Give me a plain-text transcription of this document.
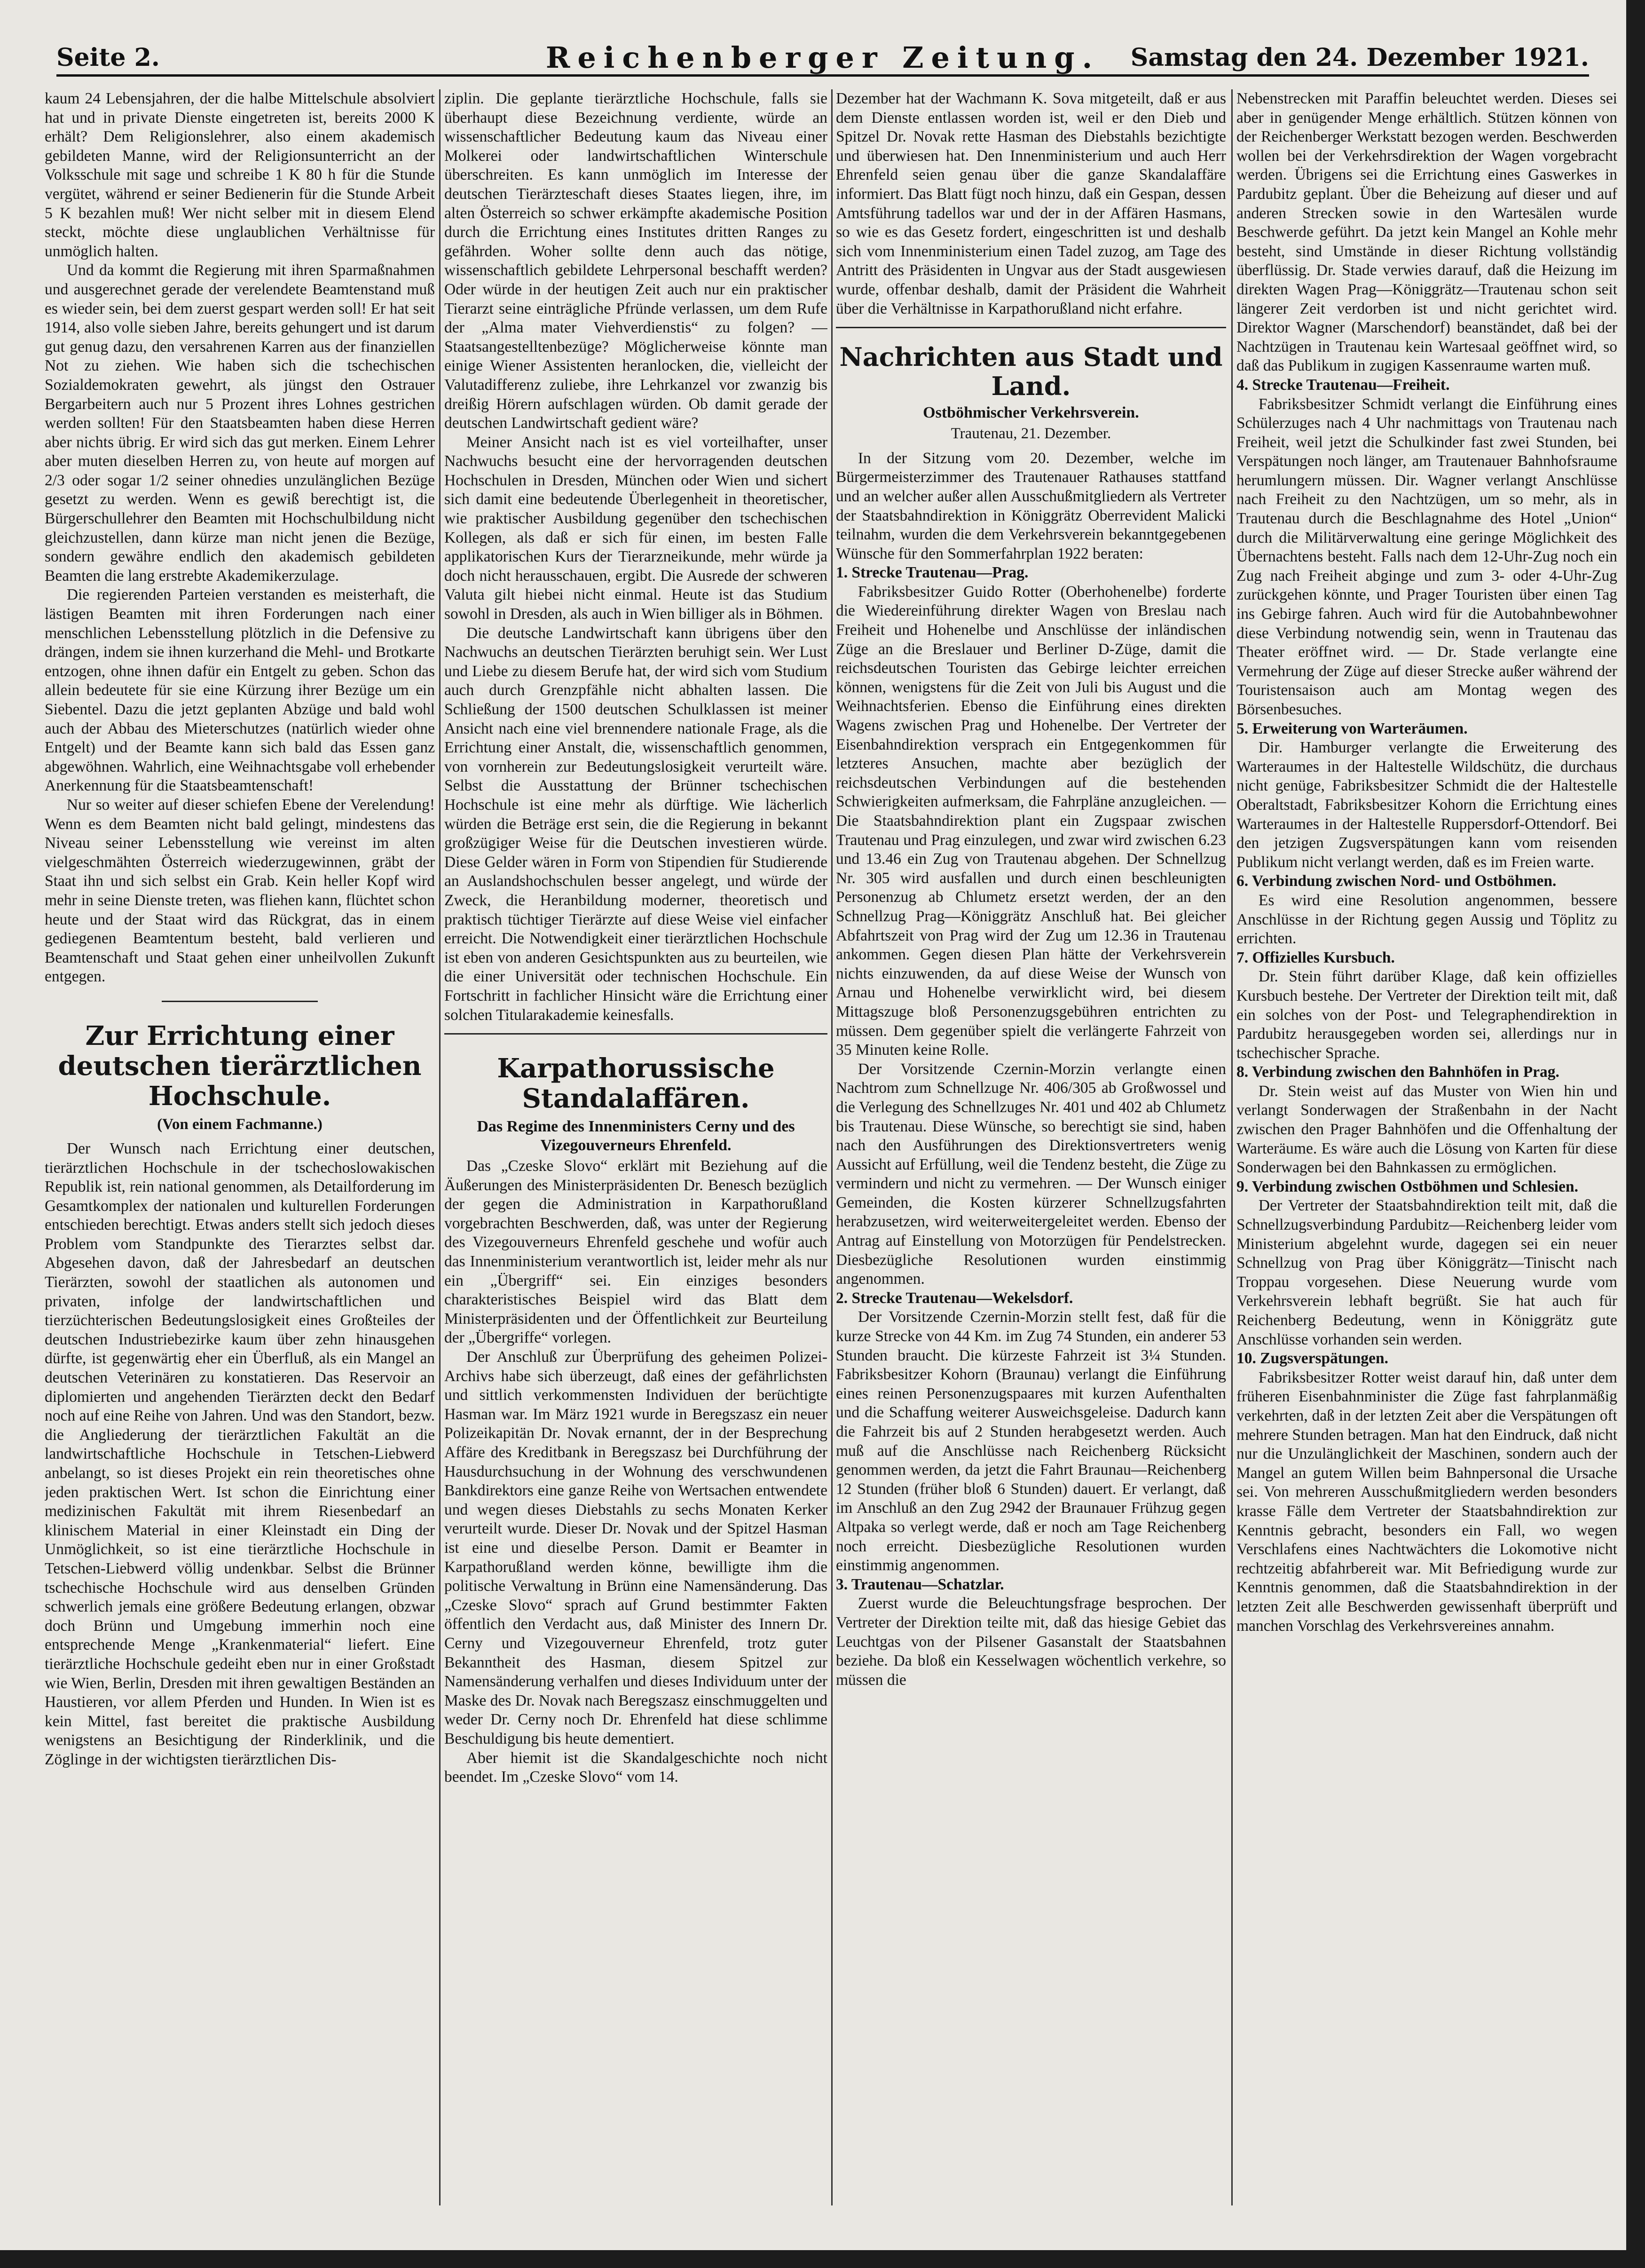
Seite 2.	Reichenberger Zeitung.	Samstag den 24. Dezember 1921.

kaum 24 Lebensjahren, der die halbe Mittelschule absolviert hat und in private Dienste eingetreten ist, bereits 2000 K erhält? Dem Religionslehrer, also einem akademisch gebildeten Manne, wird der Religionsunterricht an der Volksschule mit sage und schreibe 1 K 80 h für die Stunde vergütet, während er seiner Bedienerin für die Stunde Arbeit 5 K bezahlen muß! Wer nicht selber mit in diesem Elend steckt, möchte diese unglaublichen Verhältnisse für unmöglich halten.

Und da kommt die Regierung mit ihren Sparmaßnahmen und ausgerechnet gerade der verelendete Beamtenstand muß es wieder sein, bei dem zuerst gespart werden soll! Er hat seit 1914, also volle sieben Jahre, bereits gehungert und ist darum gut genug dazu, den versahrenen Karren aus der finanziellen Not zu ziehen. Wie haben sich die tschechischen Sozialdemokraten gewehrt, als jüngst den Ostrauer Bergarbeitern auch nur 5 Prozent ihres Lohnes gestrichen werden sollten! Für den Staatsbeamten haben diese Herren aber nichts übrig. Er wird sich das gut merken. Einem Lehrer aber muten dieselben Herren zu, von heute auf morgen auf 2/3 oder sogar 1/2 seiner ohnedies unzulänglichen Bezüge gesetzt zu werden. Wenn es gewiß berechtigt ist, die Bürgerschullehrer den Beamten mit Hochschulbildung nicht gleichzustellen, dann kürze man nicht jenen die Bezüge, sondern gewähre endlich den akademisch gebildeten Beamten die lang erstrebte Akademikerzulage.

Die regierenden Parteien verstanden es meisterhaft, die lästigen Beamten mit ihren Forderungen nach einer menschlichen Lebensstellung plötzlich in die Defensive zu drängen, indem sie ihnen kurzerhand die Mehl- und Brotkarte entzogen, ohne ihnen dafür ein Entgelt zu geben. Schon das allein bedeutete für sie eine Kürzung ihrer Bezüge um ein Siebentel. Dazu die jetzt geplanten Abzüge und bald wohl auch der Abbau des Mieterschutzes (natürlich wieder ohne Entgelt) und der Beamte kann sich bald das Essen ganz abgewöhnen. Wahrlich, eine Weihnachtsgabe voll erhebender Anerkennung für die Staatsbeamtenschaft!

Nur so weiter auf dieser schiefen Ebene der Verelendung! Wenn es dem Beamten nicht bald gelingt, mindestens das Niveau seiner Lebensstellung wie vereinst im alten vielgeschmähten Österreich wiederzugewinnen, gräbt der Staat ihn und sich selbst ein Grab. Kein heller Kopf wird mehr in seine Dienste treten, was fliehen kann, flüchtet schon heute und der Staat wird das Rückgrat, das in einem gediegenen Beamtentum besteht, bald verlieren und Beamtenschaft und Staat gehen einer unheilvollen Zukunft entgegen.

Zur Errichtung einer deutschen tierärztlichen Hochschule.
(Von einem Fachmanne.)

Der Wunsch nach Errichtung einer deutschen, tierärztlichen Hochschule in der tschechoslowakischen Republik ist, rein national genommen, als Detailforderung im Gesamtkomplex der nationalen und kulturellen Forderungen entschieden berechtigt. Etwas anders stellt sich jedoch dieses Problem vom Standpunkte des Tierarztes selbst dar. Abgesehen davon, daß der Jahresbedarf an deutschen Tierärzten, sowohl der staatlichen als autonomen und privaten, infolge der landwirtschaftlichen und tierzüchterischen Bedeutungslosigkeit eines Großteiles der deutschen Industriebezirke kaum über zehn hinausgehen dürfte, ist gegenwärtig eher ein Überfluß, als ein Mangel an deutschen Veterinären zu konstatieren. Das Reservoir an diplomierten und angehenden Tierärzten deckt den Bedarf noch auf eine Reihe von Jahren. Und was den Standort, bezw. die Angliederung der tierärztlichen Fakultät an die landwirtschaftliche Hochschule in Tetschen-Liebwerd anbelangt, so ist dieses Projekt ein rein theoretisches ohne jeden praktischen Wert. Ist schon die Einrichtung einer medizinischen Fakultät mit ihrem Riesenbedarf an klinischem Material in einer Kleinstadt ein Ding der Unmöglichkeit, so ist eine tierärztliche Hochschule in Tetschen-Liebwerd völlig undenkbar. Selbst die Brünner tschechische Hochschule wird aus denselben Gründen schwerlich jemals eine größere Bedeutung erlangen, obzwar doch Brünn und Umgebung immerhin noch eine entsprechende Menge „Krankenmaterial“ liefert. Eine tierärztliche Hochschule gedeiht eben nur in einer Großstadt wie Wien, Berlin, Dresden mit ihren gewaltigen Beständen an Haustieren, vor allem Pferden und Hunden. In Wien ist es kein Mittel, fast bereitet die praktische Ausbildung wenigstens an Besichtigung der Rinderklinik, und die Zöglinge in der wichtigsten tierärztlichen Dis-

ziplin. Die geplante tierärztliche Hochschule, falls sie überhaupt diese Bezeichnung verdiente, würde an wissenschaftlicher Bedeutung kaum das Niveau einer Molkerei oder landwirtschaftlichen Winterschule überschreiten. Es kann unmöglich im Interesse der deutschen Tierärzteschaft dieses Staates liegen, ihre, im alten Österreich so schwer erkämpfte akademische Position durch die Errichtung eines Institutes dritten Ranges zu gefährden. Woher sollte denn auch das nötige, wissenschaftlich gebildete Lehrpersonal beschafft werden? Oder würde in der heutigen Zeit auch nur ein praktischer Tierarzt seine einträgliche Pfründe verlassen, um dem Rufe der „Alma mater Viehverdienstis“ zu folgen? — Staatsangestelltenbezüge? Möglicherweise könnte man einige Wiener Assistenten heranlocken, die, vielleicht der Valutadifferenz zuliebe, ihre Lehrkanzel vor zwanzig bis dreißig Hörern aufschlagen würden. Ob damit gerade der deutschen Landwirtschaft gedient wäre?

Meiner Ansicht nach ist es viel vorteilhafter, unser Nachwuchs besucht eine der hervorragenden deutschen Hochschulen in Dresden, München oder Wien und sichert sich damit eine bedeutende Überlegenheit in theoretischer, wie praktischer Ausbildung gegenüber den tschechischen Kollegen, als daß er sich für einen, im besten Falle applikatorischen Kurs der Tierarzneikunde, mehr würde ja doch nicht herausschauen, ergibt. Die Ausrede der schweren Valuta gilt hiebei nicht einmal. Heute ist das Studium sowohl in Dresden, als auch in Wien billiger als in Böhmen.

Die deutsche Landwirtschaft kann übrigens über den Nachwuchs an deutschen Tierärzten beruhigt sein. Wer Lust und Liebe zu diesem Berufe hat, der wird sich vom Studium auch durch Grenzpfähle nicht abhalten lassen. Die Schließung der 1500 deutschen Schulklassen ist meiner Ansicht nach eine viel brennendere nationale Frage, als die Errichtung einer Anstalt, die, wissenschaftlich genommen, von vornherein zur Bedeutungslosigkeit verurteilt wäre. Selbst die Ausstattung der Brünner tschechischen Hochschule ist eine mehr als dürftige. Wie lächerlich würden die Beträge erst sein, die die Regierung in bekannt großzügiger Weise für die Deutschen investieren würde. Diese Gelder wären in Form von Stipendien für Studierende an Auslandshochschulen besser angelegt, und würde der Zweck, die Heranbildung moderner, theoretisch und praktisch tüchtiger Tierärzte auf diese Weise viel einfacher erreicht. Die Notwendigkeit einer tierärztlichen Hochschule ist eben von anderen Gesichtspunkten aus zu beurteilen, wie die einer Universität oder technischen Hochschule. Ein Fortschritt in fachlicher Hinsicht wäre die Errichtung einer solchen Titularakademie keinesfalls.

Karpathorussische Standalaffären.
Das Regime des Innenministers Cerny und des Vizegouverneurs Ehrenfeld.

Das „Czeske Slovo“ erklärt mit Beziehung auf die Äußerungen des Ministerpräsidenten Dr. Benesch bezüglich der gegen die Administration in Karpathorußland vorgebrachten Beschwerden, daß, was unter der Regierung des Vizegouverneurs Ehrenfeld geschehe und wofür auch das Innenministerium verantwortlich ist, leider mehr als nur ein „Übergriff“ sei. Ein einziges besonders charakteristisches Beispiel wird das Blatt dem Ministerpräsidenten und der Öffentlichkeit zur Beurteilung der „Übergriffe“ vorlegen.

Der Anschluß zur Überprüfung des geheimen Polizei-Archivs habe sich überzeugt, daß eines der gefährlichsten und sittlich verkommensten Individuen der berüchtigte Hasman war. Im März 1921 wurde in Beregszasz ein neuer Polizeikapitän Dr. Novak ernannt, der in der Besprechung Affäre des Kreditbank in Beregszasz bei Durchführung der Hausdurchsuchung in der Wohnung des verschwundenen Bankdirektors eine ganze Reihe von Wertsachen entwendete und wegen dieses Diebstahls zu sechs Monaten Kerker verurteilt wurde. Dieser Dr. Novak und der Spitzel Hasman ist eine und dieselbe Person. Damit er Beamter in Karpathorußland werden könne, bewilligte ihm die politische Verwaltung in Brünn eine Namensänderung. Das „Czeske Slovo“ sprach auf Grund bestimmter Fakten öffentlich den Verdacht aus, daß Minister des Innern Dr. Cerny und Vizegouverneur Ehrenfeld, trotz guter Bekanntheit des Hasman, diesem Spitzel zur Namensänderung verhalfen und dieses Individuum unter der Maske des Dr. Novak nach Beregszasz einschmuggelten und weder Dr. Cerny noch Dr. Ehrenfeld hat diese schlimme Beschuldigung bis heute dementiert.

Aber hiemit ist die Skandalgeschichte noch nicht beendet. Im „Czeske Slovo“ vom 14.

Dezember hat der Wachmann K. Sova mitgeteilt, daß er aus dem Dienste entlassen worden ist, weil er den Dieb und Spitzel Dr. Novak rette Hasman des Diebstahls bezichtigte und überwiesen hat. Den Innenministerium und auch Herr Ehrenfeld seien genau über die ganze Skandalaffäre informiert. Das Blatt fügt noch hinzu, daß ein Gespan, dessen Amtsführung tadellos war und der in der Affären Hasmans, so wie es das Gesetz fordert, eingeschritten ist und deshalb sich vom Innenministerium einen Tadel zuzog, am Tage des Antritt des Präsidenten in Ungvar aus der Stadt ausgewiesen wurde, offenbar deshalb, damit der Präsident die Wahrheit über die Verhältnisse in Karpathorußland nicht erfahre.

Nachrichten aus Stadt und Land.
Ostböhmischer Verkehrsverein.
Trautenau, 21. Dezember.

In der Sitzung vom 20. Dezember, welche im Bürgermeisterzimmer des Trautenauer Rathauses stattfand und an welcher außer allen Ausschußmitgliedern als Vertreter der Staatsbahndirektion in Königgrätz Oberrevident Malicki teilnahm, wurden die dem Verkehrsverein bekanntgegebenen Wünsche für den Sommerfahrplan 1922 beraten:

1. Strecke Trautenau—Prag.

Fabriksbesitzer Guido Rotter (Oberhohenelbe) forderte die Wiedereinführung direkter Wagen von Breslau nach Freiheit und Hohenelbe und Anschlüsse der inländischen Züge an die Breslauer und Berliner D-Züge, damit die reichsdeutschen Touristen das Gebirge leichter erreichen können, wenigstens für die Zeit von Juli bis August und die Weihnachtsferien. Ebenso die Einführung eines direkten Wagens zwischen Prag und Hohenelbe. Der Vertreter der Eisenbahndirektion versprach ein Entgegenkommen für letzteres Ansuchen, machte aber bezüglich der reichsdeutschen Verbindungen auf die bestehenden Schwierigkeiten aufmerksam, die Fahrpläne anzugleichen. — Die Staatsbahndirektion plant ein Zugspaar zwischen Trautenau und Prag einzulegen, und zwar wird zwischen 6.23 und 13.46 ein Zug von Trautenau abgehen. Der Schnellzug Nr. 305 wird ausfallen und durch einen beschleunigten Personenzug ab Chlumetz ersetzt werden, der an den Schnellzug Prag—Königgrätz Anschluß hat. Bei gleicher Abfahrtszeit von Prag wird der Zug um 12.36 in Trautenau ankommen. Gegen diesen Plan hätte der Verkehrsverein nichts einzuwenden, da auf diese Weise der Wunsch von Arnau und Hohenelbe verwirklicht wird, bei diesem Mittagszuge bloß Personenzugsgebühren entrichten zu müssen. Dem gegenüber spielt die verlängerte Fahrzeit von 35 Minuten keine Rolle.

Der Vorsitzende Czernin-Morzin verlangte einen Nachtrom zum Schnellzuge Nr. 406/305 ab Großwossel und die Verlegung des Schnellzuges Nr. 401 und 402 ab Chlumetz bis Trautenau. Diese Wünsche, so berechtigt sie sind, haben nach den Ausführungen des Direktionsvertreters wenig Aussicht auf Erfüllung, weil die Tendenz besteht, die Züge zu vermindern und nicht zu vermehren. — Der Wunsch einiger Gemeinden, die Kosten kürzerer Schnellzugsfahrten herabzusetzen, wird weiterweitergeleitet werden. Ebenso der Antrag auf Einstellung von Motorzügen für Pendelstrecken. Diesbezügliche Resolutionen wurden einstimmig angenommen.

2. Strecke Trautenau—Wekelsdorf.

Der Vorsitzende Czernin-Morzin stellt fest, daß für die kurze Strecke von 44 Km. im Zug 74 Stunden, ein anderer 53 Stunden braucht. Die kürzeste Fahrzeit ist 3¼ Stunden. Fabriksbesitzer Kohorn (Braunau) verlangt die Einführung eines reinen Personenzugspaares mit kurzen Aufenthalten und die Schaffung weiterer Ausweichsgeleise. Dadurch kann die Fahrzeit bis auf 2 Stunden herabgesetzt werden. Auch muß auf die Anschlüsse nach Reichenberg Rücksicht genommen werden, da jetzt die Fahrt Braunau—Reichenberg 12 Stunden (früher bloß 6 Stunden) dauert. Er verlangt, daß im Anschluß an den Zug 2942 der Braunauer Frühzug gegen Altpaka so verlegt werde, daß er noch am Tage Reichenberg noch erreicht. Diesbezügliche Resolutionen wurden einstimmig angenommen.

3. Trautenau—Schatzlar.

Zuerst wurde die Beleuchtungsfrage besprochen. Der Vertreter der Direktion teilte mit, daß das hiesige Gebiet das Leuchtgas von der Pilsener Gasanstalt der Staatsbahnen beziehe. Da bloß ein Kesselwagen wöchentlich verkehre, so müssen die

Nebenstrecken mit Paraffin beleuchtet werden. Dieses sei aber in genügender Menge erhältlich. Stützen können von der Reichenberger Werkstatt bezogen werden. Beschwerden wollen bei der Verkehrsdirektion der Wagen vorgebracht werden. Übrigens sei die Errichtung eines Gaswerkes in Pardubitz geplant. Über die Beheizung auf dieser und auf anderen Strecken sowie in den Wartesälen wurde Beschwerde geführt. Da jetzt kein Mangel an Kohle mehr besteht, sind Umstände in dieser Richtung vollständig überflüssig. Dr. Stade verwies darauf, daß die Heizung im direkten Wagen Prag—Königgrätz—Trautenau schon seit längerer Zeit verdorben ist und nicht gerichtet wird. Direktor Wagner (Marschendorf) beanständet, daß bei der Nachtzügen in Trautenau kein Wartesaal geöffnet wird, so daß das Publikum in zugigen Kassenraume warten muß.

4. Strecke Trautenau—Freiheit.

Fabriksbesitzer Schmidt verlangt die Einführung eines Schülerzuges nach 4 Uhr nachmittags von Trautenau nach Freiheit, weil jetzt die Schulkinder fast zwei Stunden, bei Verspätungen noch länger, am Trautenauer Bahnhofsraume herumlungern müssen. Dir. Wagner verlangt Anschlüsse nach Freiheit zu den Nachtzügen, um so mehr, als in Trautenau durch die Beschlagnahme des Hotel „Union“ durch die Militärverwaltung eine geringe Möglichkeit des Übernachtens besteht. Falls nach dem 12-Uhr-Zug noch ein Zug nach Freiheit abginge und zum 3- oder 4-Uhr-Zug zurückgehen könnte, und Prager Touristen über einen Tag ins Gebirge fahren. Auch wird für die Autobahnbewohner diese Verbindung notwendig sein, wenn in Trautenau das Theater eröffnet wird. — Dr. Stade verlangte eine Vermehrung der Züge auf dieser Strecke außer während der Touristensaison auch am Montag wegen des Börsenbesuches.

5. Erweiterung von Warteräumen.

Dir. Hamburger verlangte die Erweiterung des Warteraumes in der Haltestelle Wildschütz, die durchaus nicht genüge, Fabriksbesitzer Schmidt die der Haltestelle Oberaltstadt, Fabriksbesitzer Kohorn die Errichtung eines Warteraumes in der Haltestelle Ruppersdorf-Ottendorf. Bei den jetzigen Zugsverspätungen kann vom reisenden Publikum nicht verlangt werden, daß es im Freien warte.

6. Verbindung zwischen Nord- und Ostböhmen.

Es wird eine Resolution angenommen, bessere Anschlüsse in der Richtung gegen Aussig und Töplitz zu errichten.

7. Offizielles Kursbuch.

Dr. Stein führt darüber Klage, daß kein offizielles Kursbuch bestehe. Der Vertreter der Direktion teilt mit, daß ein solches von der Post- und Telegraphendirektion in Pardubitz herausgegeben worden sei, allerdings nur in tschechischer Sprache.

8. Verbindung zwischen den Bahnhöfen in Prag.

Dr. Stein weist auf das Muster von Wien hin und verlangt Sonderwagen der Straßenbahn in der Nacht zwischen den Prager Bahnhöfen und die Offenhaltung der Warteräume. Es wäre auch die Lösung von Karten für diese Sonderwagen bei den Bahnkassen zu ermöglichen.

9. Verbindung zwischen Ostböhmen und Schlesien.

Der Vertreter der Staatsbahndirektion teilt mit, daß die Schnellzugsverbindung Pardubitz—Reichenberg leider vom Ministerium abgelehnt wurde, dagegen sei ein neuer Schnellzug von Prag über Königgrätz—Tinischt nach Troppau vorgesehen. Diese Neuerung wurde vom Verkehrsverein lebhaft begrüßt. Sie hat auch für Reichenberg Bedeutung, wenn in Königgrätz gute Anschlüsse vorhanden sein werden.

10. Zugsverspätungen.

Fabriksbesitzer Rotter weist darauf hin, daß unter dem früheren Eisenbahnminister die Züge fast fahrplanmäßig verkehrten, daß in der letzten Zeit aber die Verspätungen oft mehrere Stunden betragen. Man hat den Eindruck, daß nicht nur die Unzulänglichkeit der Maschinen, sondern auch der Mangel an gutem Willen beim Bahnpersonal die Ursache sei. Von mehreren Ausschußmitgliedern werden besonders krasse Fälle dem Vertreter der Staatsbahndirektion zur Kenntnis gebracht, besonders ein Fall, wo wegen Verschlafens eines Nachtwächters die Lokomotive nicht rechtzeitig abfahrbereit war. Mit Befriedigung wurde zur Kenntnis genommen, daß die Staatsbahndirektion in der letzten Zeit alle Beschwerden gewissenhaft überprüft und manchen Vorschlag des Verkehrsvereines annahm.
